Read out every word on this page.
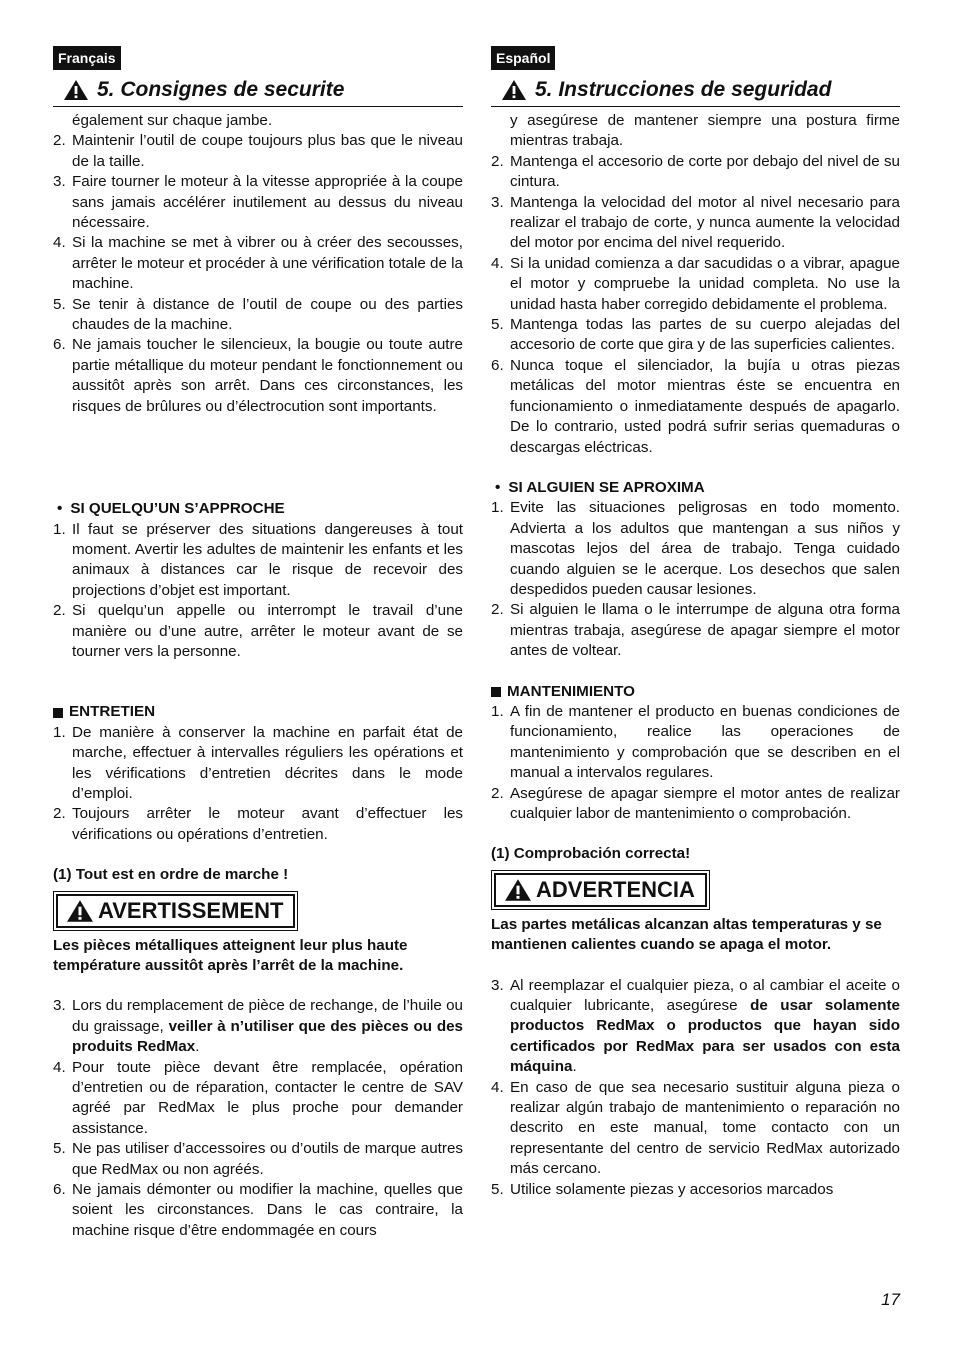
Français
5. Consignes de securite
également sur chaque jambe.
2. Maintenir l’outil de coupe toujours plus bas que le niveau de la taille.
3. Faire tourner le moteur à la vitesse appropriée à la coupe sans jamais accélérer inutilement au dessus du niveau nécessaire.
4. Si la machine se met à vibrer ou à créer des secousses, arrêter le moteur et procéder à une vérification totale de la machine.
5. Se tenir à distance de l’outil de coupe ou des parties chaudes de la machine.
6. Ne jamais toucher le silencieux, la bougie ou toute autre partie métallique du moteur pendant le fonctionnement ou aussitôt après son arrêt. Dans ces circonstances, les risques de brûlures ou d’électrocution sont importants.
• SI QUELQU’UN S’APPROCHE
1. Il faut se préserver des situations dangereuses à tout moment. Avertir les adultes de maintenir les enfants et les animaux à distances car le risque de recevoir des projections d’objet est important.
2. Si quelqu’un appelle ou interrompt le travail d’une manière ou d’une autre, arrêter le moteur avant de se tourner vers la personne.
ENTRETIEN
1. De manière à conserver la machine en parfait état de marche, effectuer à intervalles réguliers les opérations et les vérifications d’entretien décrites dans le mode d’emploi.
2. Toujours arrêter le moteur avant d’effectuer les vérifications ou opérations d’entretien.
(1) Tout est en ordre de marche !
AVERTISSEMENT
Les pièces métalliques atteignent leur plus haute température aussitôt après l’arrêt de la machine.
3. Lors du remplacement de pièce de rechange, de l’huile ou du graissage, veiller à n’utiliser que des pièces ou des produits RedMax.
4. Pour toute pièce devant être remplacée, opération d’entretien ou de réparation, contacter le centre de SAV agréé par RedMax le plus proche pour demander assistance.
5. Ne pas utiliser d’accessoires ou d’outils de marque autres que RedMax ou non agréés.
6. Ne jamais démonter ou modifier la machine, quelles que soient les circonstances. Dans le cas contraire, la machine risque d’être endommagée en cours
Español
5. Instrucciones de seguridad
y asegúrese de mantener siempre una postura firme mientras trabaja.
2. Mantenga el accesorio de corte por debajo del nivel de su cintura.
3. Mantenga la velocidad del motor al nivel necesario para realizar el trabajo de corte, y nunca aumente la velocidad del motor por encima del nivel requerido.
4. Si la unidad comienza a dar sacudidas o a vibrar, apague el motor y compruebe la unidad completa. No use la unidad hasta haber corregido debidamente el problema.
5. Mantenga todas las partes de su cuerpo alejadas del accesorio de corte que gira y de las superficies calientes.
6. Nunca toque el silenciador, la bujía u otras piezas metálicas del motor mientras éste se encuentra en funcionamiento o inmediatamente después de apagarlo. De lo contrario, usted podrá sufrir serias quemaduras o descargas eléctricas.
• SI ALGUIEN SE APROXIMA
1. Evite las situaciones peligrosas en todo momento. Advierta a los adultos que mantengan a sus niños y mascotas lejos del área de trabajo. Tenga cuidado cuando alguien se le acerque. Los desechos que salen despedidos pueden causar lesiones.
2. Si alguien le llama o le interrumpe de alguna otra forma mientras trabaja, asegúrese de apagar siempre el motor antes de voltear.
MANTENIMIENTO
1. A fin de mantener el producto en buenas condiciones de funcionamiento, realice las operaciones de mantenimiento y comprobación que se describen en el manual a intervalos regulares.
2. Asegúrese de apagar siempre el motor antes de realizar cualquier labor de mantenimiento o comprobación.
(1) Comprobación correcta!
ADVERTENCIA
Las partes metálicas alcanzan altas temperaturas y se mantienen calientes cuando se apaga el motor.
3. Al reemplazar el cualquier pieza, o al cambiar el aceite o cualquier lubricante, asegúrese de usar solamente productos RedMax o productos que hayan sido certificados por RedMax para ser usados con esta máquina.
4. En caso de que sea necesario sustituir alguna pieza o realizar algún trabajo de mantenimiento o reparación no descrito en este manual, tome contacto con un representante del centro de servicio RedMax autorizado más cercano.
5. Utilice solamente piezas y accesorios marcados
17
